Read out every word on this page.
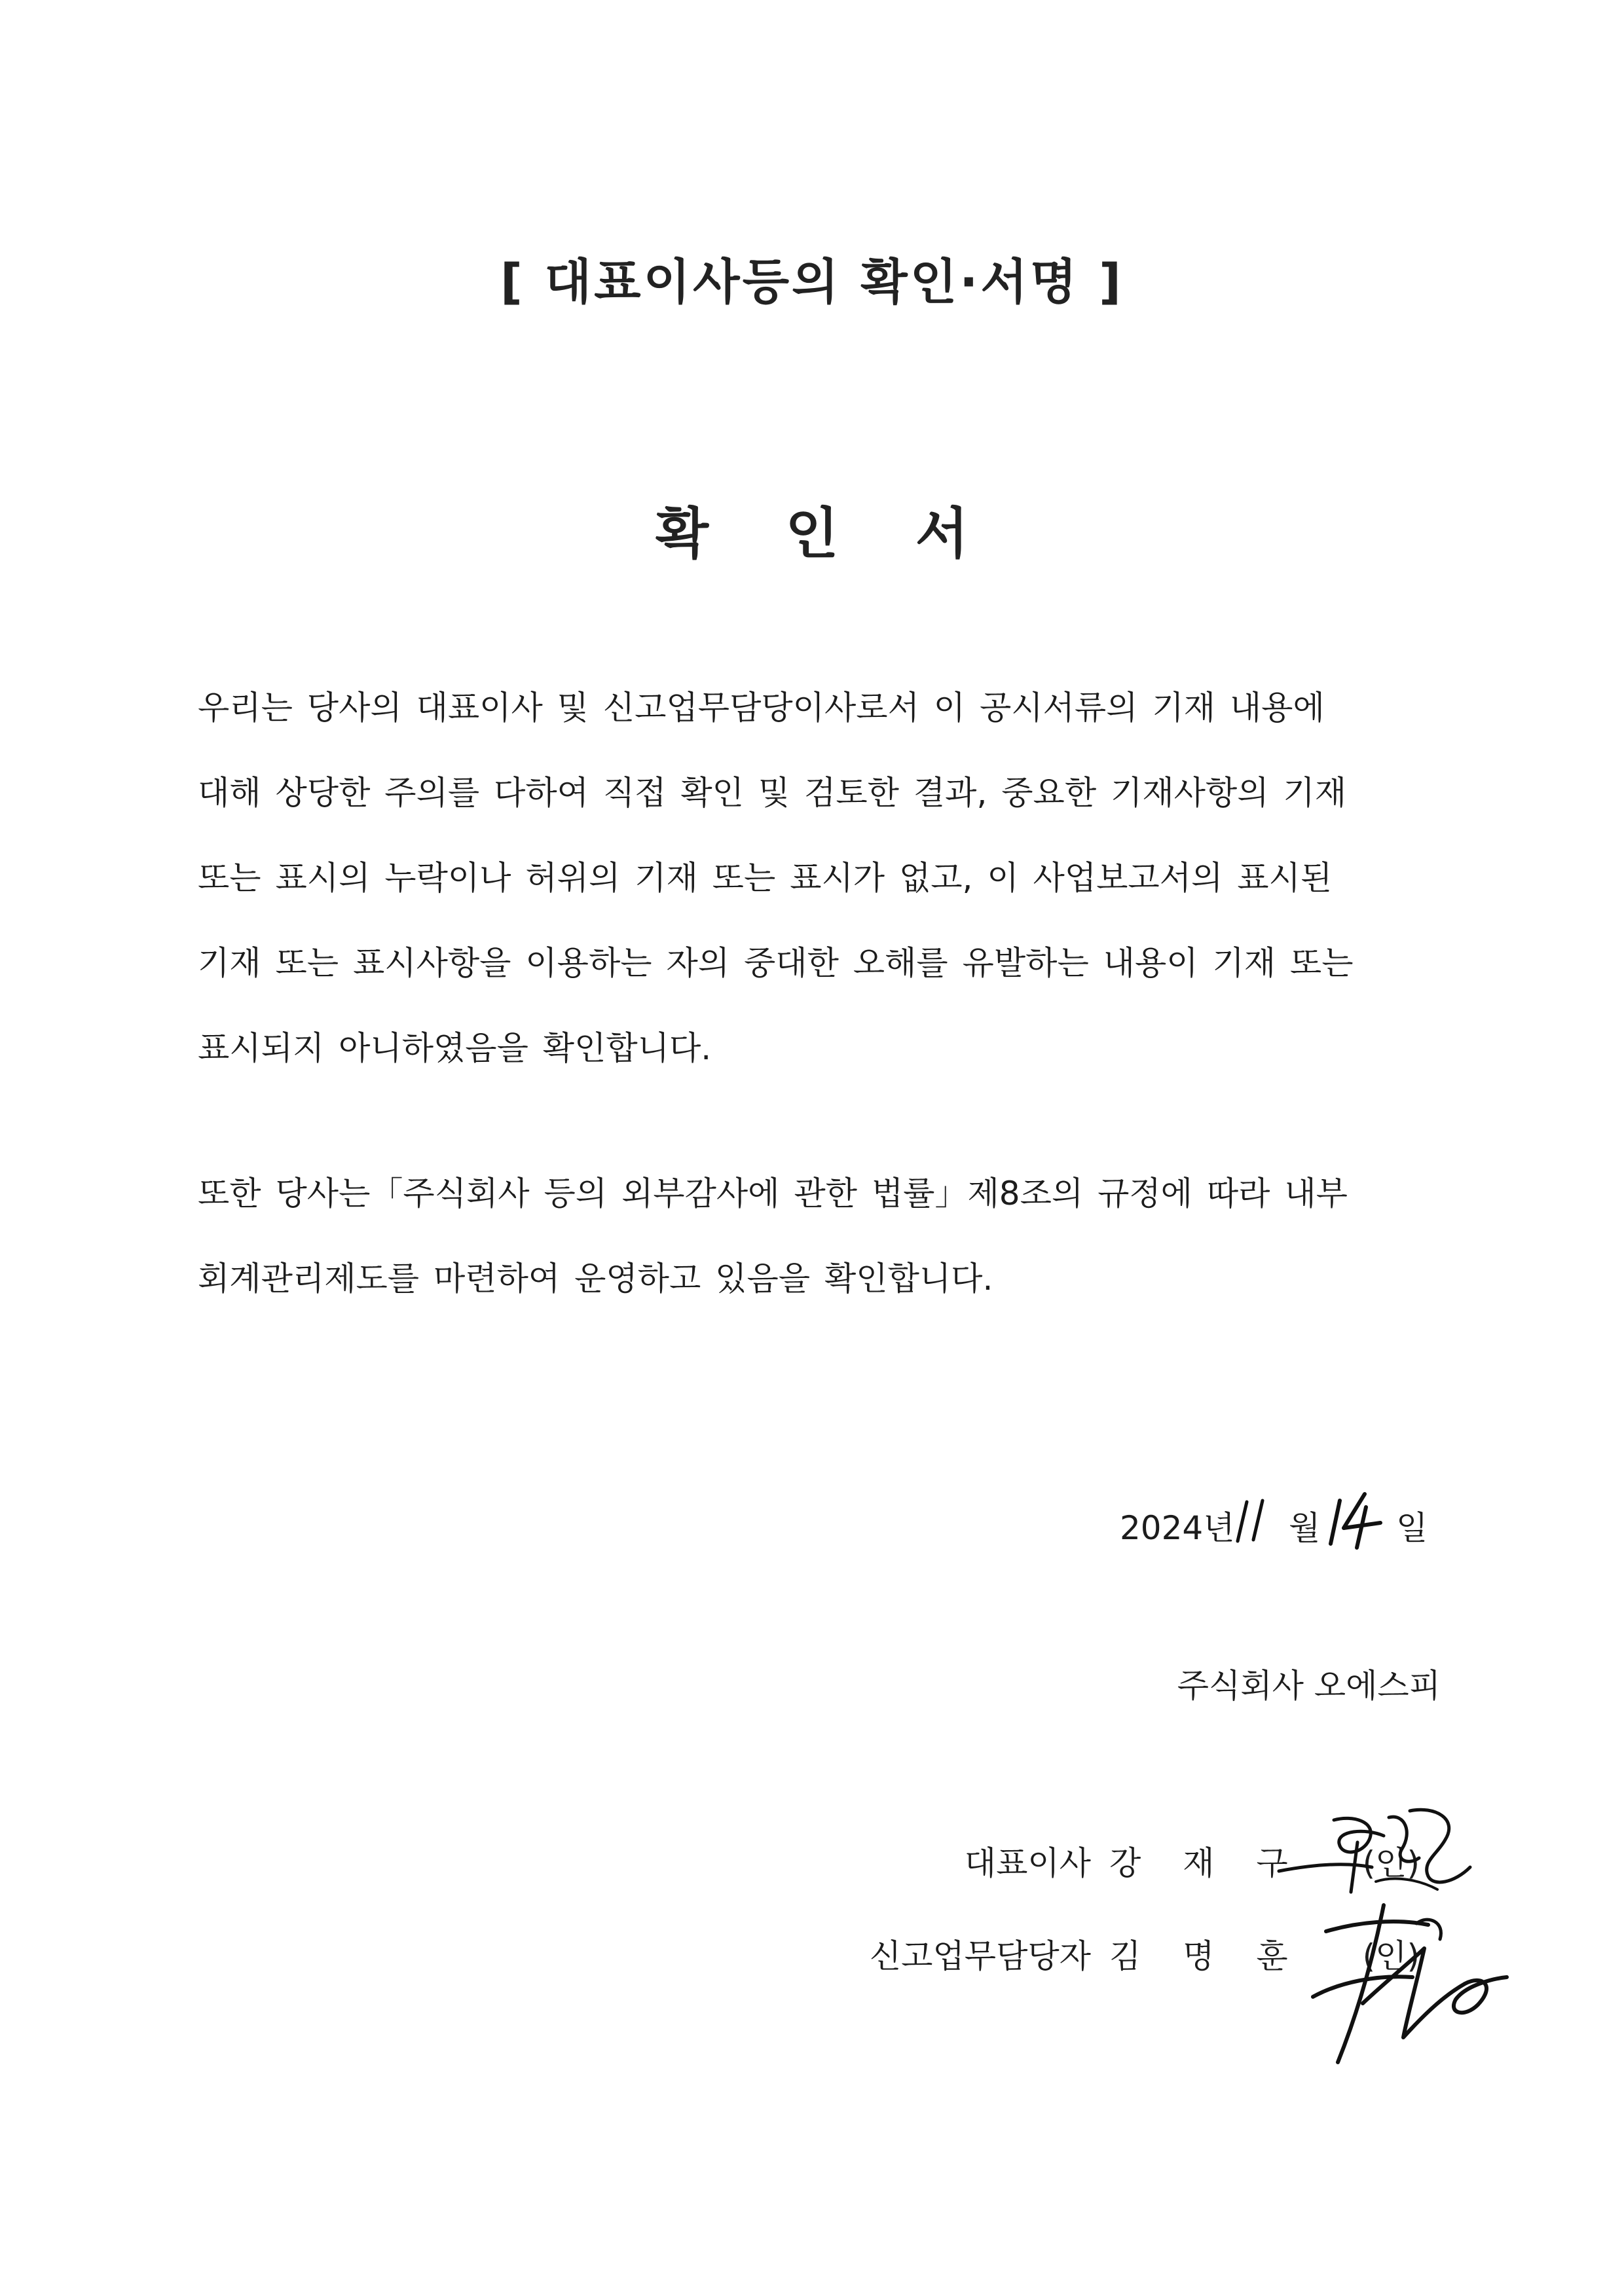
[ 대표이사등의 확인·서명 ]
확 인 서
우리는 당사의 대표이사 및 신고업무담당이사로서 이 공시서류의 기재 내용에
대해 상당한 주의를 다하여 직접 확인 및 검토한 결과, 중요한 기재사항의 기재
또는 표시의 누락이나 허위의 기재 또는 표시가 없고, 이 사업보고서의 표시된
기재 또는 표시사항을 이용하는 자의 중대한 오해를 유발하는 내용이 기재 또는
표시되지 아니하였음을 확인합니다.
또한 당사는「주식회사 등의 외부감사에 관한 법률」제8조의 규정에 따라 내부
회계관리제도를 마련하여 운영하고 있음을 확인합니다.
2024년 월 일
주식회사 오에스피
대표이사 강 재 구 (인)
신고업무담당자 김 명 훈 (인)
